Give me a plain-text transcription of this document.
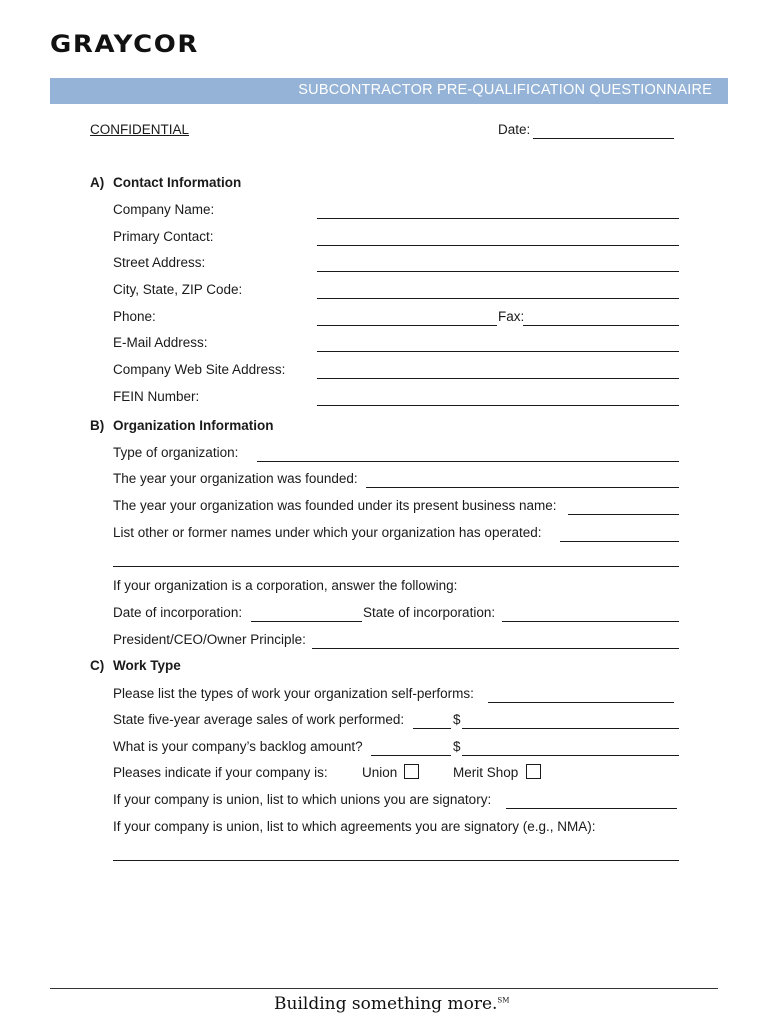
GRAYCOR
SUBCONTRACTOR PRE-QUALIFICATION QUESTIONNAIRE
CONFIDENTIAL	Date:
A) Contact Information
Company Name:
Primary Contact:
Street Address:
City, State, ZIP Code:
Phone:	Fax:
E-Mail Address:
Company Web Site Address:
FEIN Number:
B) Organization Information
Type of organization:
The year your organization was founded:
The year your organization was founded under its present business name:
List other or former names under which your organization has operated:
If your organization is a corporation, answer the following:
Date of incorporation:	State of incorporation:
President/CEO/Owner Principle:
C) Work Type
Please list the types of work your organization self-performs:
State five-year average sales of work performed:	$
What is your company’s backlog amount?	$
Pleases indicate if your company is:	Union	Merit Shop
If your company is union, list to which unions you are signatory:
If your company is union, list to which agreements you are signatory (e.g., NMA):
Building something more.℠
